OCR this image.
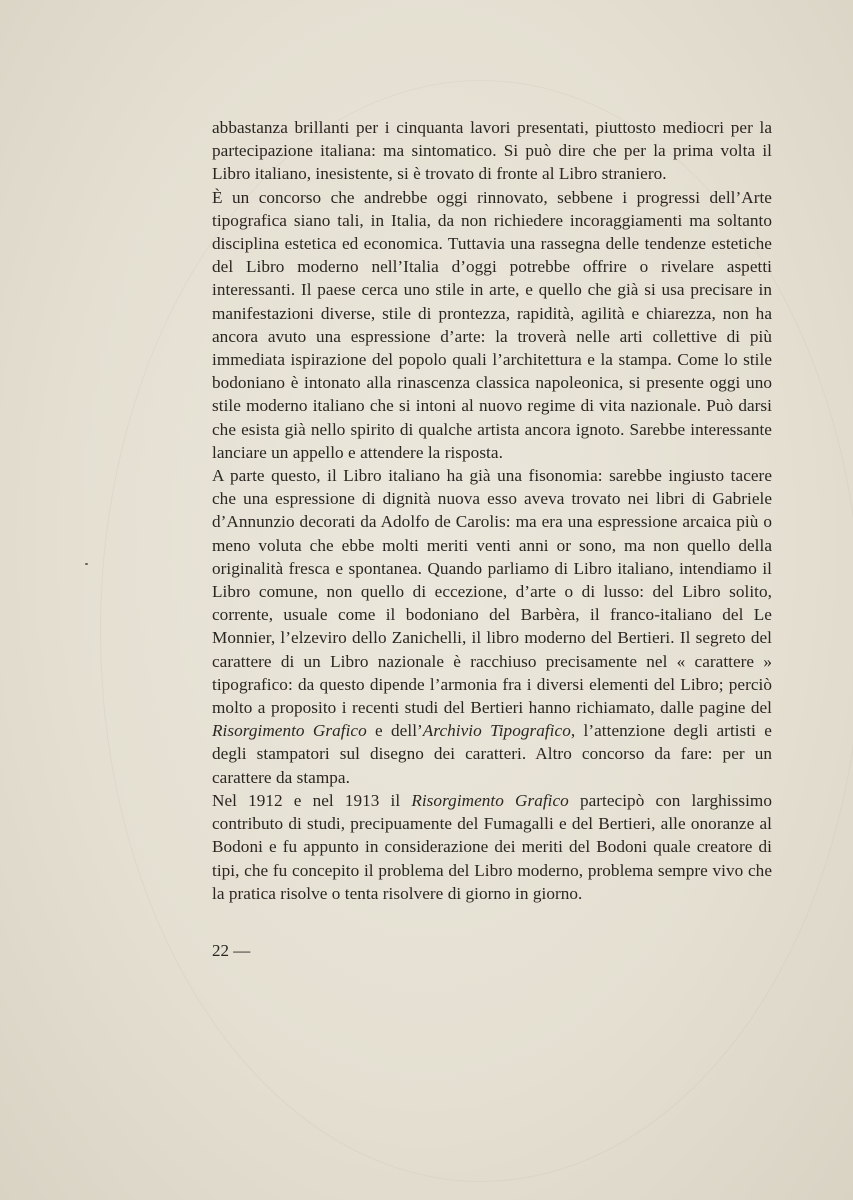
abbastanza brillanti per i cinquanta lavori presentati, piuttosto mediocri per la partecipazione italiana: ma sintomatico. Si può dire che per la prima volta il Libro italiano, inesistente, si è trovato di fronte al Libro straniero.

È un concorso che andrebbe oggi rinnovato, sebbene i progressi dell’Arte tipografica siano tali, in Italia, da non richiedere incoraggiamenti ma soltanto disciplina estetica ed economica. Tuttavia una rassegna delle tendenze estetiche del Libro moderno nell’Italia d’oggi potrebbe offrire o rivelare aspetti interessanti. Il paese cerca uno stile in arte, e quello che già si usa precisare in manifestazioni diverse, stile di prontezza, rapidità, agilità e chiarezza, non ha ancora avuto una espressione d’arte: la troverà nelle arti collettive di più immediata ispirazione del popolo quali l’architettura e la stampa. Come lo stile bodoniano è intonato alla rinascenza classica napoleonica, si presente oggi uno stile moderno italiano che si intoni al nuovo regime di vita nazionale. Può darsi che esista già nello spirito di qualche artista ancora ignoto. Sarebbe interessante lanciare un appello e attendere la risposta.

A parte questo, il Libro italiano ha già una fisonomia: sarebbe ingiusto tacere che una espressione di dignità nuova esso aveva trovato nei libri di Gabriele d’Annunzio decorati da Adolfo de Carolis: ma era una espressione arcaica più o meno voluta che ebbe molti meriti venti anni or sono, ma non quello della originalità fresca e spontanea. Quando parliamo di Libro italiano, intendiamo il Libro comune, non quello di eccezione, d’arte o di lusso: del Libro solito, corrente, usuale come il bodoniano del Barbèra, il franco-italiano del Le Monnier, l’elzeviro dello Zanichelli, il libro moderno del Bertieri. Il segreto del carattere di un Libro nazionale è racchiuso precisamente nel « carattere » tipografico: da questo dipende l’armonia fra i diversi elementi del Libro; perciò molto a proposito i recenti studi del Bertieri hanno richiamato, dalle pagine del Risorgimento Grafico e dell’Archivio Tipografico, l’attenzione degli artisti e degli stampatori sul disegno dei caratteri. Altro concorso da fare: per un carattere da stampa.

Nel 1912 e nel 1913 il Risorgimento Grafico partecipò con larghissimo contributo di studi, precipuamente del Fumagalli e del Bertieri, alle onoranze al Bodoni e fu appunto in considerazione dei meriti del Bodoni quale creatore di tipi, che fu concepito il problema del Libro moderno, problema sempre vivo che la pratica risolve o tenta risolvere di giorno in giorno.

22 —
